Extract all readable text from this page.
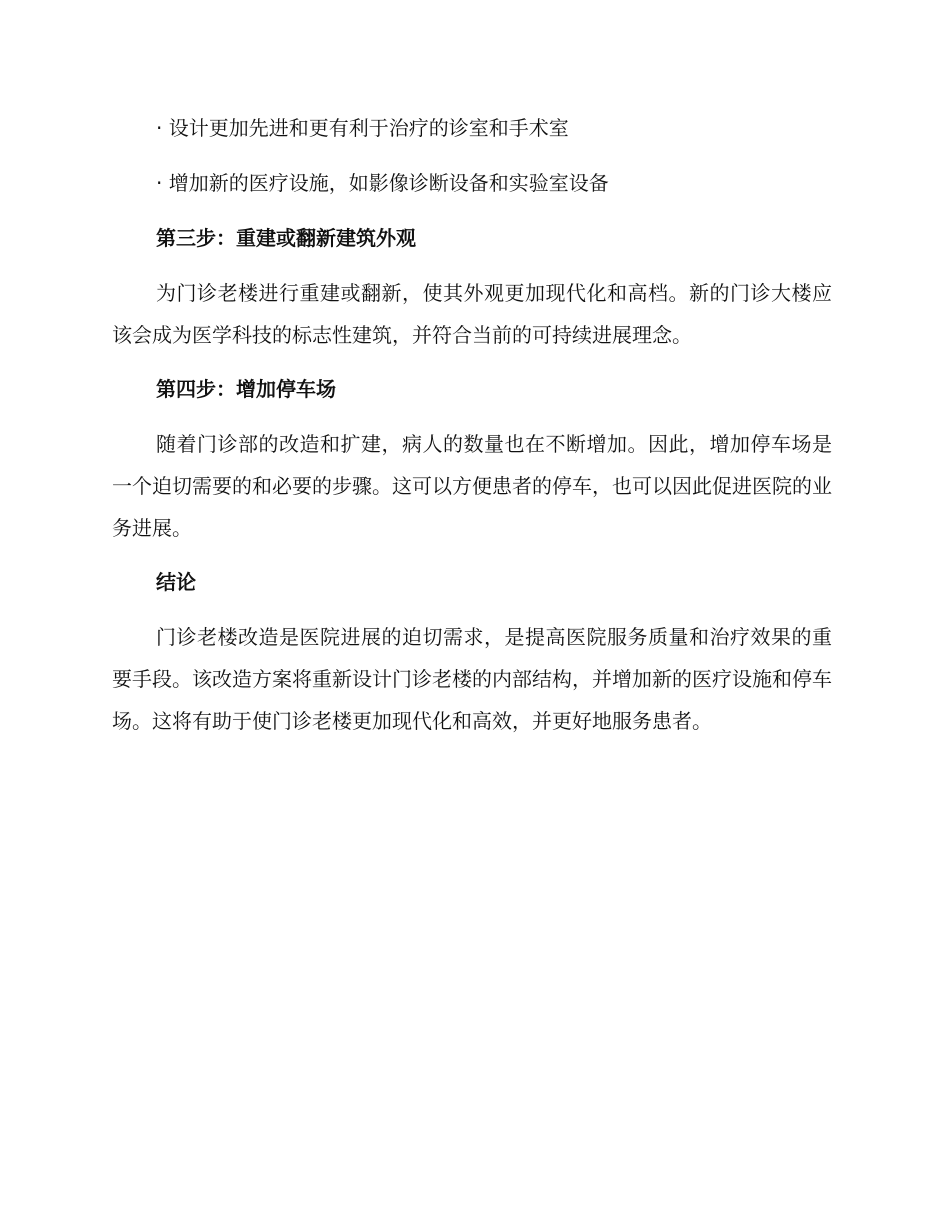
· 设计更加先进和更有利于治疗的诊室和手术室
· 增加新的医疗设施，如影像诊断设备和实验室设备
第三步：重建或翻新建筑外观
为门诊老楼进行重建或翻新，使其外观更加现代化和高档。新的门诊大楼应该会成为医学科技的标志性建筑，并符合当前的可持续进展理念。
第四步：增加停车场
随着门诊部的改造和扩建，病人的数量也在不断增加。因此，增加停车场是一个迫切需要的和必要的步骤。这可以方便患者的停车，也可以因此促进医院的业务进展。
结论
门诊老楼改造是医院进展的迫切需求，是提高医院服务质量和治疗效果的重要手段。该改造方案将重新设计门诊老楼的内部结构，并增加新的医疗设施和停车场。这将有助于使门诊老楼更加现代化和高效，并更好地服务患者。
